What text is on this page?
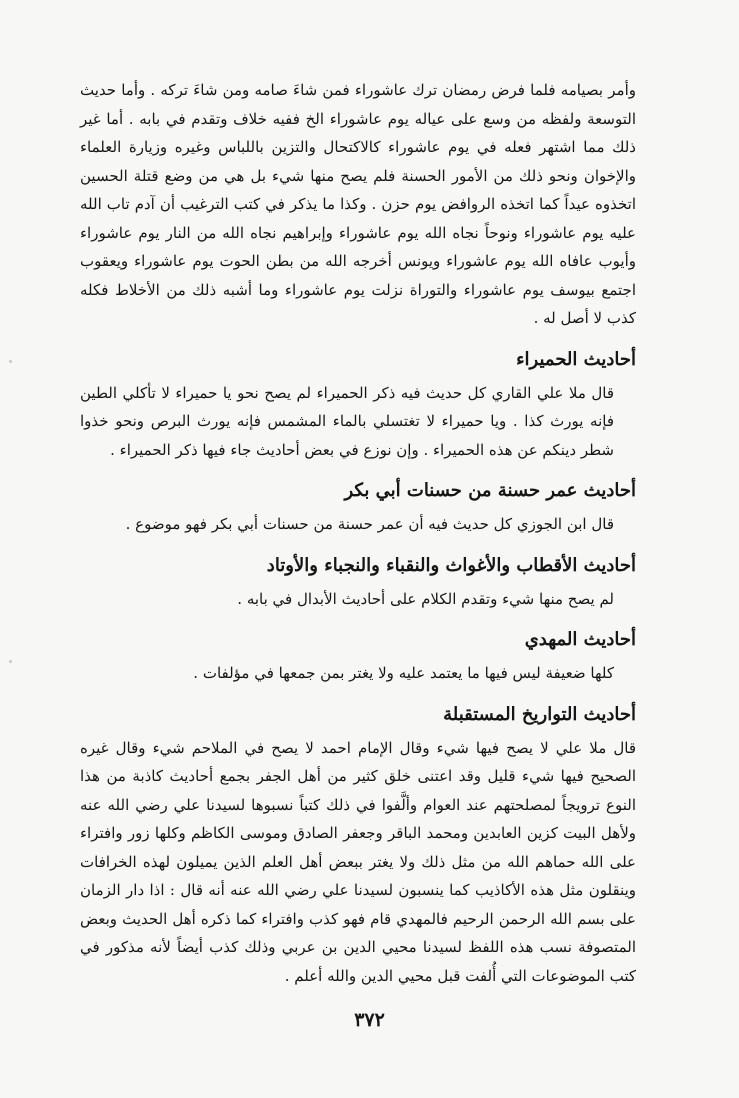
وأمر بصيامه فلما فرض رمضان ترك عاشوراء فمن شاءَ صامه ومن شاءَ تركه . وأما حديث التوسعة ولفظه من وسع على عياله يوم عاشوراء الخ ففيه خلاف وتقدم في بابه . أما غير ذلك مما اشتهر فعله في يوم عاشوراء كالاكتحال والتزين باللباس وغيره وزيارة العلماء والإخوان ونحو ذلك من الأمور الحسنة فلم يصح منها شيء بل هي من وضع قتلة الحسين اتخذوه عيداً كما اتخذه الروافض يوم حزن . وكذا ما يذكر في كتب الترغيب أن آدم تاب الله عليه يوم عاشوراء ونوحاً نجاه الله يوم عاشوراء وإبراهيم نجاه الله من النار يوم عاشوراء وأيوب عافاه الله يوم عاشوراء ويونس أخرجه الله من بطن الحوت يوم عاشوراء ويعقوب اجتمع بيوسف يوم عاشوراء والتوراة نزلت يوم عاشوراء وما أشبه ذلك من الأخلاط فكله كذب لا أصل له .

أحاديث الحميراء

قال ملا علي القاري كل حديث فيه ذكر الحميراء لم يصح نحو يا حميراء لا تأكلي الطين فإنه يورث كذا . ويا حميراء لا تغتسلي بالماء المشمس فإنه يورث البرص ونحو خذوا شطر دينكم عن هذه الحميراء . وإن نوزع في بعض أحاديث جاء فيها ذكر الحميراء .

أحاديث عمر حسنة من حسنات أبي بكر

قال ابن الجوزي كل حديث فيه أن عمر حسنة من حسنات أبي بكر فهو موضوع .

أحاديث الأقطاب والأغواث والنقباء والنجباء والأوتاد

لم يصح منها شيء وتقدم الكلام على أحاديث الأبدال في بابه .

أحاديث المهدي

كلها ضعيفة ليس فيها ما يعتمد عليه ولا يغتر بمن جمعها في مؤلفات .

أحاديث التواريخ المستقبلة

قال ملا علي لا يصح فيها شيء وقال الإمام احمد لا يصح في الملاحم شيء وقال غيره الصحيح فيها شيء قليل وقد اعتنى خلق كثير من أهل الجفر بجمع أحاديث كاذبة من هذا النوع ترويجاً لمصلحتهم عند العوام وألَّفوا في ذلك كتباً نسبوها لسيدنا علي رضي الله عنه ولأهل البيت كزين العابدين ومحمد الباقر وجعفر الصادق وموسى الكاظم وكلها زور وافتراء على الله حماهم الله من مثل ذلك ولا يغتر ببعض أهل العلم الذين يميلون لهذه الخرافات وينقلون مثل هذه الأكاذيب كما ينسبون لسيدنا علي رضي الله عنه أنه قال : اذا دار الزمان على بسم الله الرحمن الرحيم فالمهدي قام فهو كذب وافتراء كما ذكره أهل الحديث وبعض المتصوفة نسب هذه اللفظ لسيدنا محيي الدين بن عربي وذلك كذب أيضاً لأنه مذكور في كتب الموضوعات التي أُلفت قبل محيي الدين والله أعلم .

٣٧٢
